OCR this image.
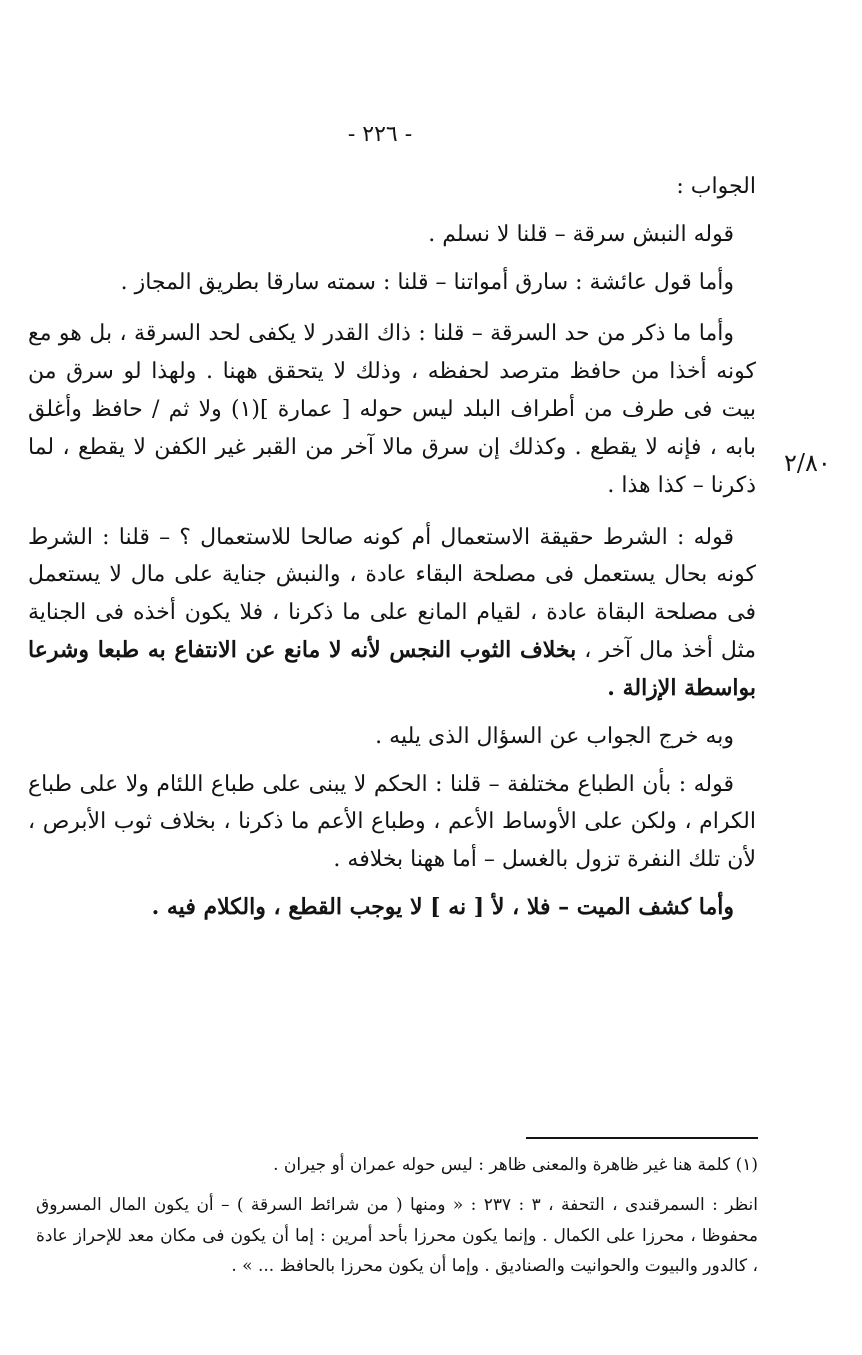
- ٢٢٦ -
٢/٨٠

الجواب :

قوله النبش سرقة – قلنا لا نسلم .

وأما قول عائشة : سارق أمواتنا – قلنا : سمته سارقا بطريق المجاز .

وأما ما ذكر من حد السرقة – قلنا : ذاك القدر لا يكفى لحد السرقة ، بل هو مع كونه أخذا من حافظ مترصد لحفظه ، وذلك لا يتحقق ههنا . ولهذا لو سرق من بيت فى طرف من أطراف البلد ليس حوله [ عمارة ](١) ولا ثم / حافظ وأغلق بابه ، فإنه لا يقطع . وكذلك إن سرق مالا آخر من القبر غير الكفن لا يقطع ، لما ذكرنا – كذا هذا .

قوله : الشرط حقيقة الاستعمال أم كونه صالحا للاستعمال ؟ – قلنا : الشرط كونه بحال يستعمل فى مصلحة البقاء عادة ، والنبش جناية على مال لا يستعمل فى مصلحة البقاة عادة ، لقيام المانع على ما ذكرنا ، فلا يكون أخذه فى الجناية مثل أخذ مال آخر ، بخلاف الثوب النجس لأنه لا مانع عن الانتفاع به طبعا وشرعا بواسطة الإزالة .

وبه خرج الجواب عن السؤال الذى يليه .

قوله : بأن الطباع مختلفة – قلنا : الحكم لا يبنى على طباع اللئام ولا على طباع الكرام ، ولكن على الأوساط الأعم ، وطباع الأعم ما ذكرنا ، بخلاف ثوب الأبرص ، لأن تلك النفرة تزول بالغسل – أما ههنا بخلافه .

وأما كشف الميت – فلا ، لأ [ نه ] لا يوجب القطع ، والكلام فيه .

(١) كلمة هنا غير ظاهرة والمعنى ظاهر : ليس حوله عمران أو جيران .

انظر : السمرقندى ، التحفة ، ٣ : ٢٣٧ : « ومنها ( من شرائط السرقة ) – أن يكون المال المسروق محفوظا ، محرزا على الكمال . وإنما يكون محرزا بأحد أمرين : إما أن يكون فى مكان معد للإحراز عادة ، كالدور والبيوت والحوانيت والصناديق . وإما أن يكون محرزا بالحافظ ... » .
